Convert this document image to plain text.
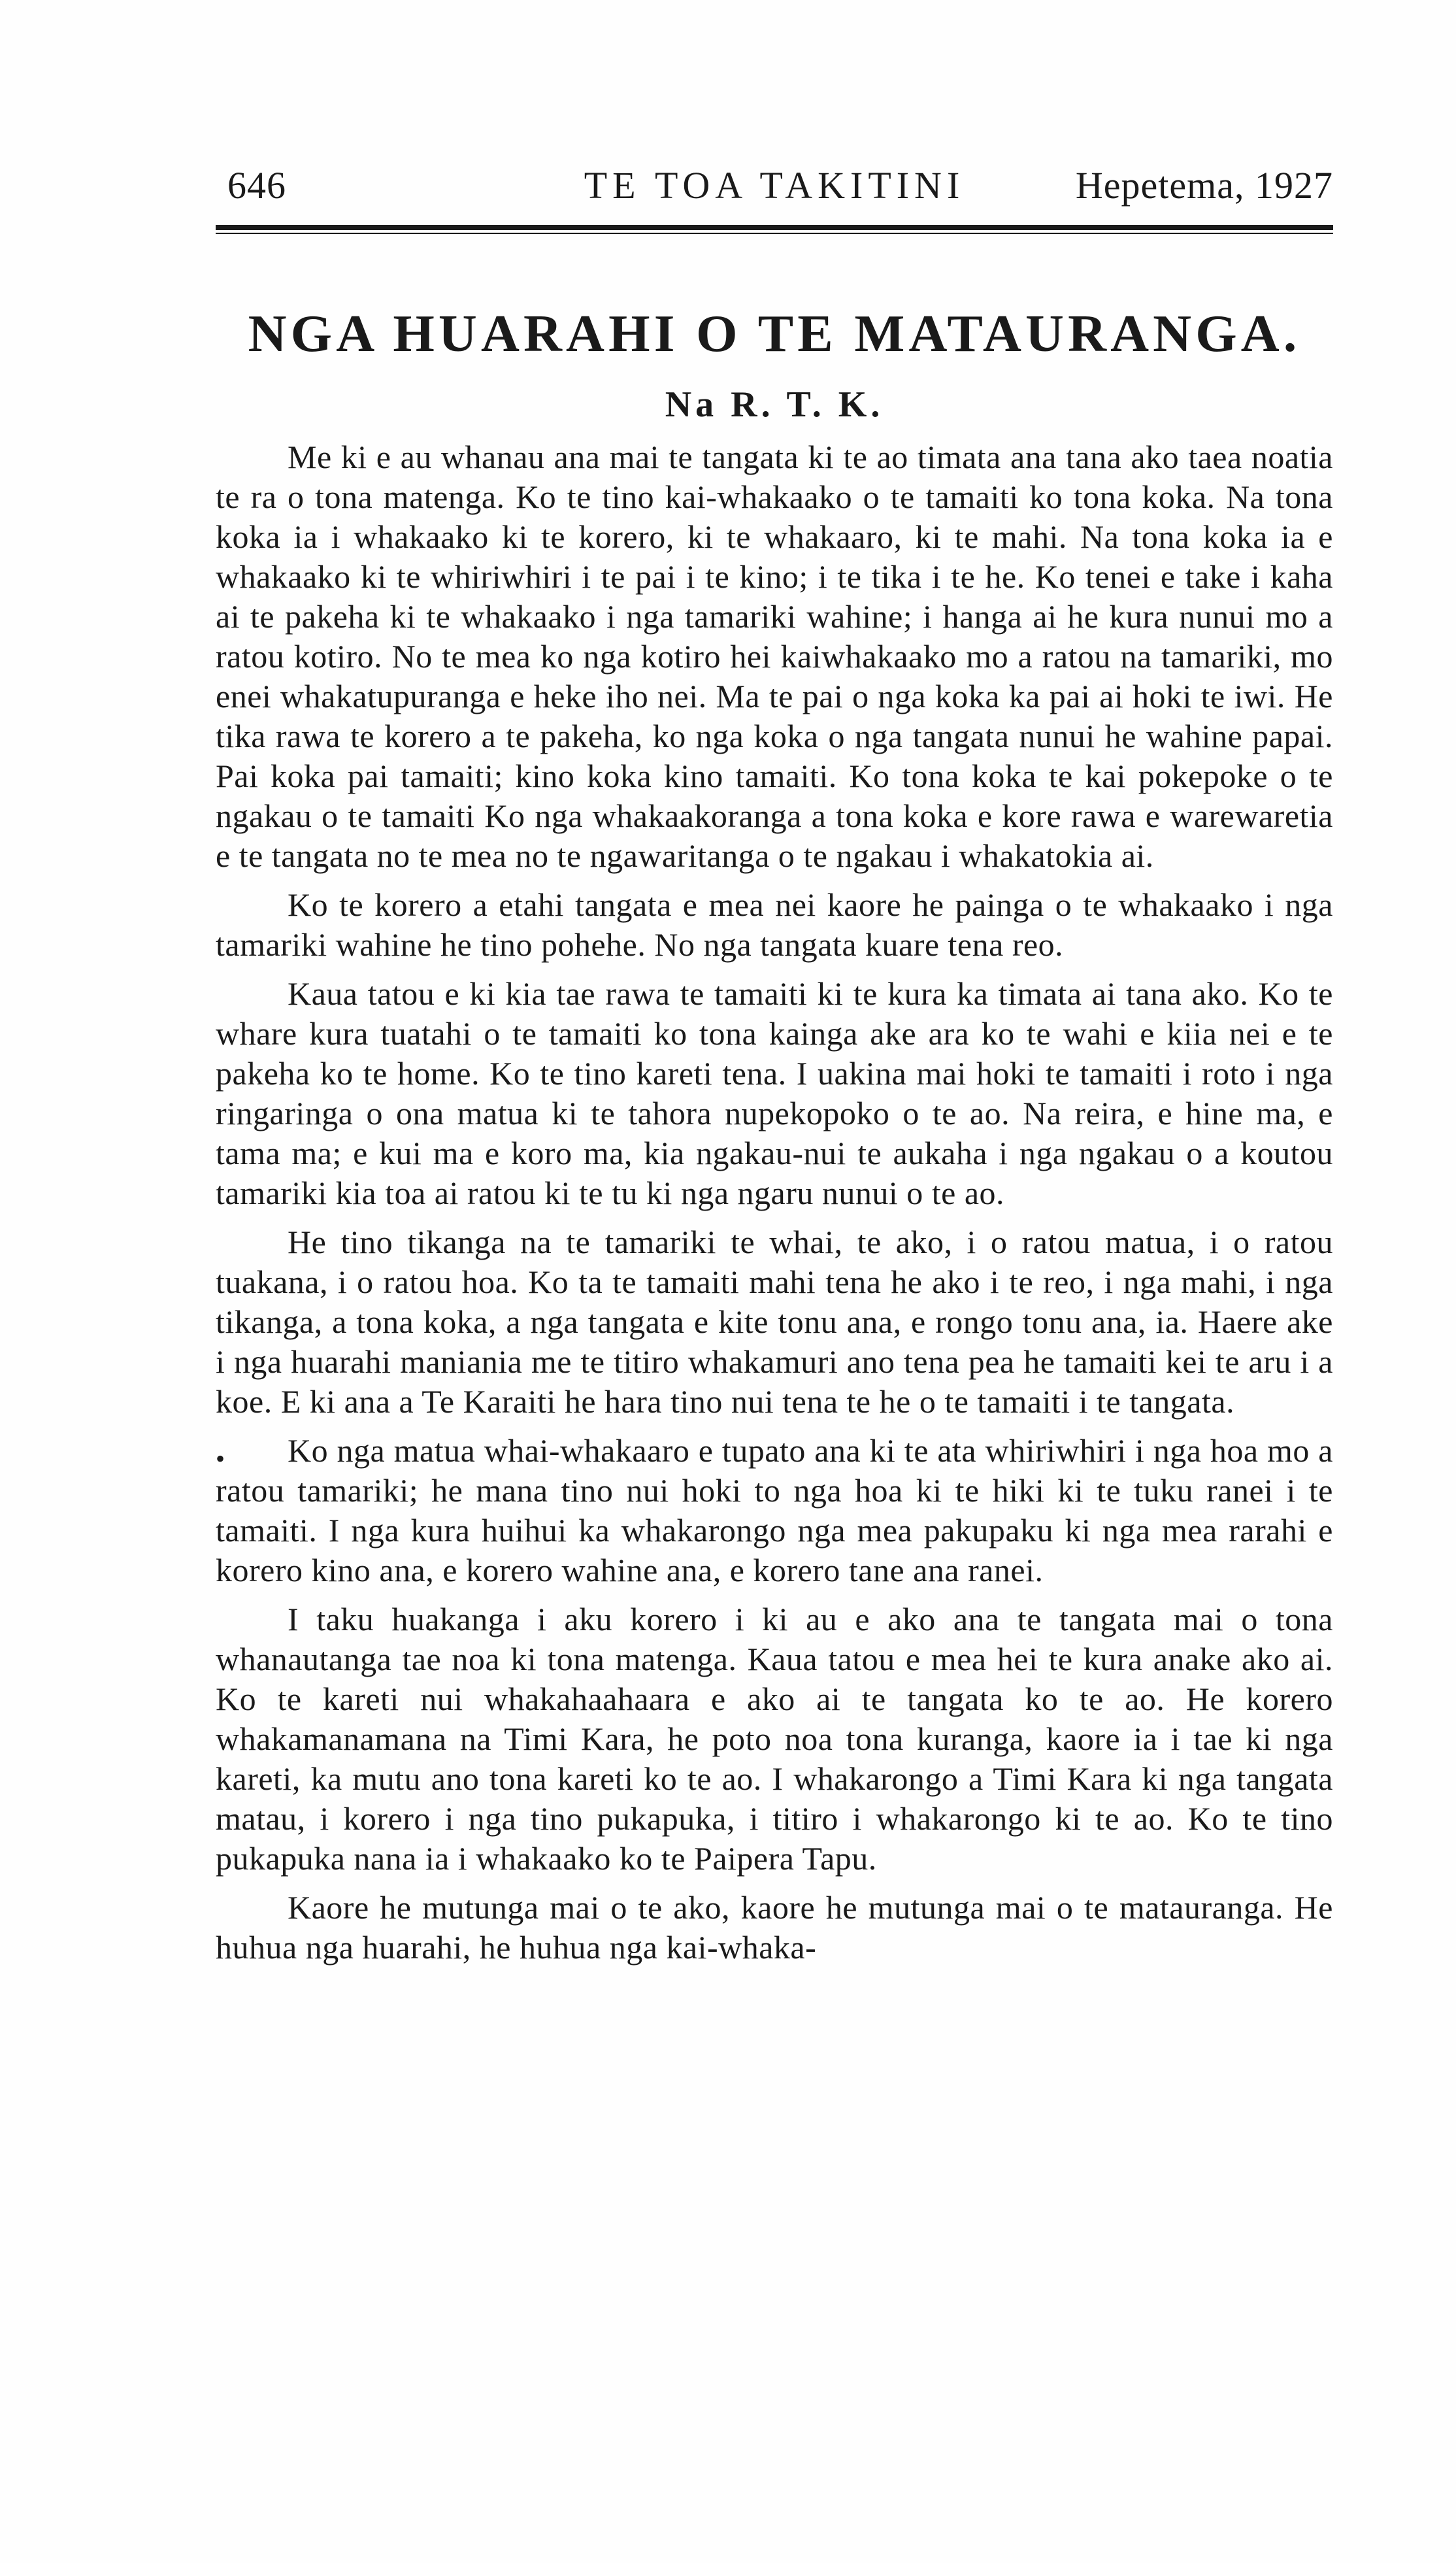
646	TE TOA TAKITINI	Hepetema, 1927
NGA HUARAHI O TE MATAURANGA.
Na R. T. K.

Me ki e au whanau ana mai te tangata ki te ao timata ana tana ako taea noatia te ra o tona matenga. Ko te tino kai-whakaako o te tamaiti ko tona koka. Na tona koka ia i whakaako ki te korero, ki te whakaaro, ki te mahi. Na tona koka ia e whakaako ki te whiriwhiri i te pai i te kino; i te tika i te he. Ko tenei e take i kaha ai te pakeha ki te whakaako i nga tamariki wahine; i hanga ai he kura nunui mo a ratou kotiro. No te mea ko nga kotiro hei kaiwhakaako mo a ratou na tamariki, mo enei whakatupuranga e heke iho nei. Ma te pai o nga koka ka pai ai hoki te iwi. He tika rawa te korero a te pakeha, ko nga koka o nga tangata nunui he wahine papai. Pai koka pai tamaiti; kino koka kino tamaiti. Ko tona koka te kai pokepoke o te ngakau o te tamaiti Ko nga whakaakoranga a tona koka e kore rawa e warewaretia e te tangata no te mea no te ngawaritanga o te ngakau i whakatokia ai.

Ko te korero a etahi tangata e mea nei kaore he painga o te whakaako i nga tamariki wahine he tino pohehe. No nga tangata kuare tena reo.

Kaua tatou e ki kia tae rawa te tamaiti ki te kura ka timata ai tana ako. Ko te whare kura tuatahi o te tamaiti ko tona kainga ake ara ko te wahi e kiia nei e te pakeha ko te home. Ko te tino kareti tena. I uakina mai hoki te tamaiti i roto i nga ringaringa o ona matua ki te tahora nupekopoko o te ao. Na reira, e hine ma, e tama ma; e kui ma e koro ma, kia ngakau-nui te aukaha i nga ngakau o a koutou tamariki kia toa ai ratou ki te tu ki nga ngaru nunui o te ao.

He tino tikanga na te tamariki te whai, te ako, i o ratou matua, i o ratou tuakana, i o ratou hoa. Ko ta te tamaiti mahi tena he ako i te reo, i nga mahi, i nga tikanga, a tona koka, a nga tangata e kite tonu ana, e rongo tonu ana, ia. Haere ake i nga huarahi maniania me te titiro whakamuri ano tena pea he tamaiti kei te aru i a koe. E ki ana a Te Karaiti he hara tino nui tena te he o te tamaiti i te tangata.

• Ko nga matua whai-whakaaro e tupato ana ki te ata whiriwhiri i nga hoa mo a ratou tamariki; he mana tino nui hoki to nga hoa ki te hiki ki te tuku ranei i te tamaiti. I nga kura huihui ka whakarongo nga mea pakupaku ki nga mea rarahi e korero kino ana, e korero wahine ana, e korero tane ana ranei.

I taku huakanga i aku korero i ki au e ako ana te tangata mai o tona whanautanga tae noa ki tona matenga. Kaua tatou e mea hei te kura anake ako ai. Ko te kareti nui whakahaahaara e ako ai te tangata ko te ao. He korero whakamanamana na Timi Kara, he poto noa tona kuranga, kaore ia i tae ki nga kareti, ka mutu ano tona kareti ko te ao. I whakarongo a Timi Kara ki nga tangata matau, i korero i nga tino pukapuka, i titiro i whakarongo ki te ao. Ko te tino pukapuka nana ia i whakaako ko te Paipera Tapu.

Kaore he mutunga mai o te ako, kaore he mutunga mai o te matauranga. He huhua nga huarahi, he huhua nga kai-whaka-
